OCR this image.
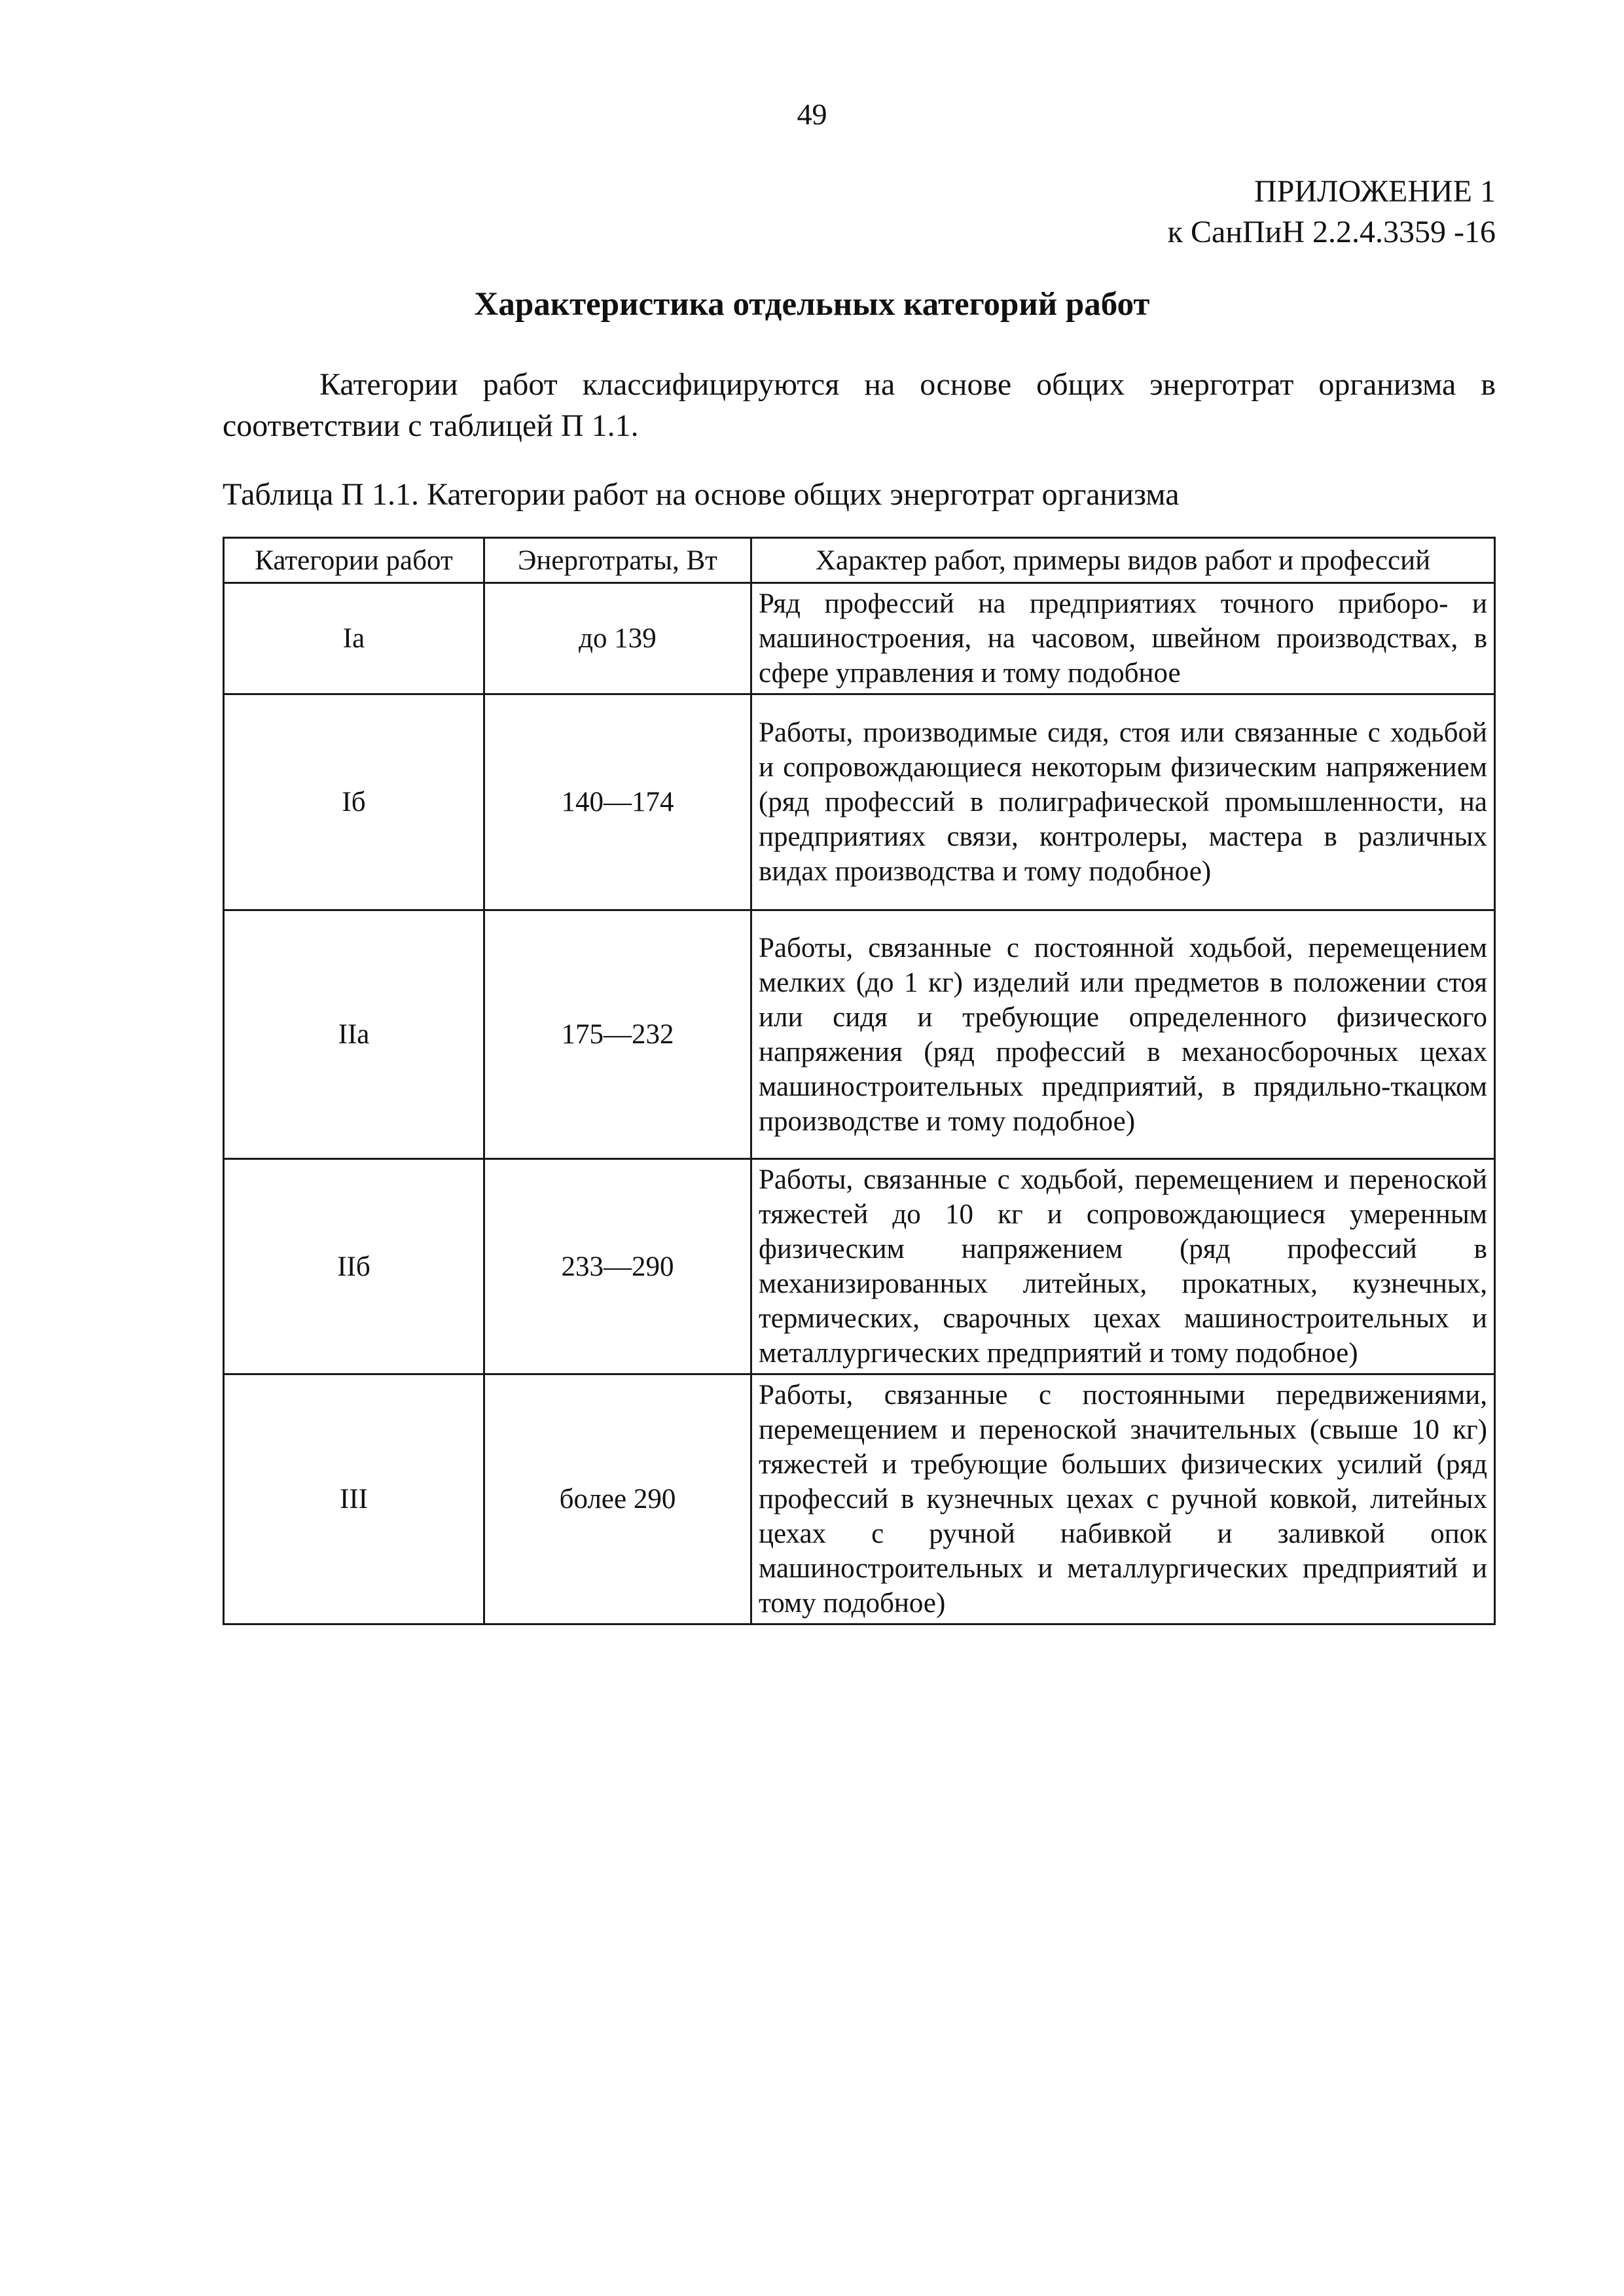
49
ПРИЛОЖЕНИЕ 1
к СанПиН 2.2.4.3359 -16
Характеристика отдельных категорий работ

Категории работ классифицируются на основе общих энерготрат организма в соответствии с таблицей П 1.1.

Таблица П 1.1. Категории работ на основе общих энерготрат организма
Категории работ	Энерготраты, Вт	Характер работ, примеры видов работ и профессий
Iа	до 139	Ряд профессий на предприятиях точного приборо- и машиностроения, на часовом, швейном производствах, в сфере управления и тому подобное
Iб	140—174	Работы, производимые сидя, стоя или связанные с ходьбой и сопровождающиеся некоторым физическим напряжением (ряд профессий в полиграфической промышленности, на предприятиях связи, контролеры, мастера в различных видах производства и тому подобное)
IIа	175—232	Работы, связанные с постоянной ходьбой, перемещением мелких (до 1 кг) изделий или предметов в положении стоя или сидя и требующие определенного физического напряжения (ряд профессий в механосборочных цехах машиностроительных предприятий, в прядильно-ткацком производстве и тому подобное)
IIб	233—290	Работы, связанные с ходьбой, перемещением и переноской тяжестей до 10 кг и сопровождающиеся умеренным физическим напряжением (ряд профессий в механизированных литейных, прокатных, кузнечных, термических, сварочных цехах машиностроительных и металлургических предприятий и тому подобное)
III	более 290	Работы, связанные с постоянными передвижениями, перемещением и переноской значительных (свыше 10 кг) тяжестей и требующие больших физических усилий (ряд профессий в кузнечных цехах с ручной ковкой, литейных цехах с ручной набивкой и заливкой опок машиностроительных и металлургических предприятий и тому подобное)
